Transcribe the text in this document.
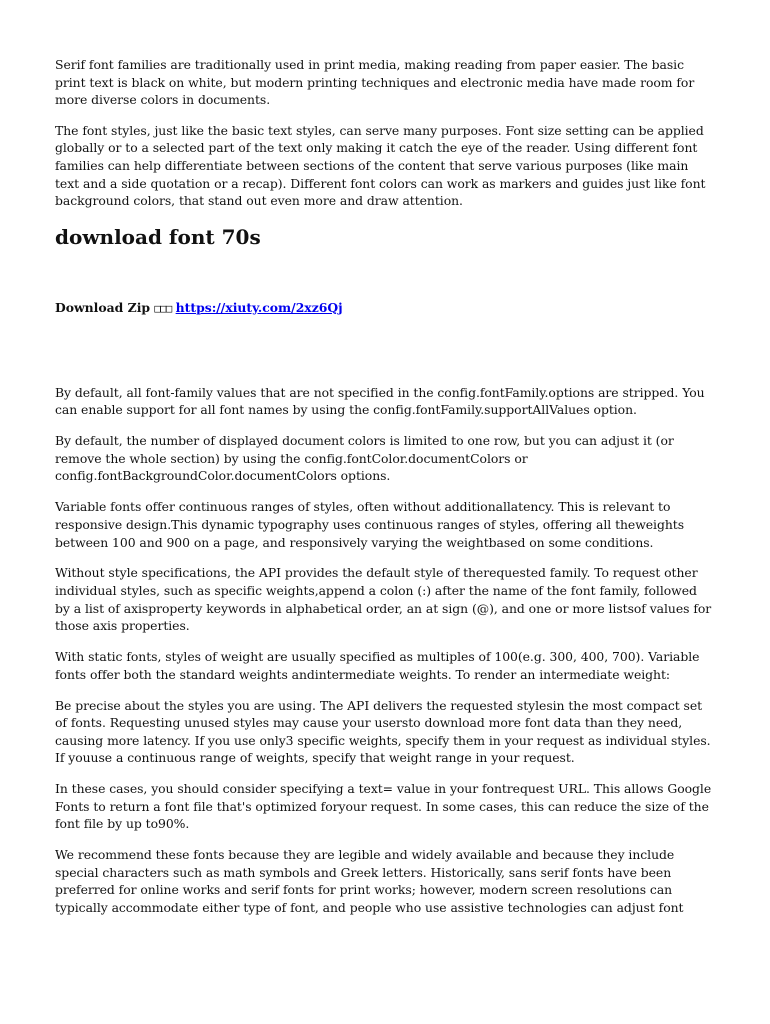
Serif font families are traditionally used in print media, making reading from paper easier. The basic print text is black on white, but modern printing techniques and electronic media have made room for more diverse colors in documents.

The font styles, just like the basic text styles, can serve many purposes. Font size setting can be applied globally or to a selected part of the text only making it catch the eye of the reader. Using different font families can help differentiate between sections of the content that serve various purposes (like main text and a side quotation or a recap). Different font colors can work as markers and guides just like font background colors, that stand out even more and draw attention.

download font 70s
Download Zip □□□ https://xiuty.com/2xz6Qj

By default, all font-family values that are not specified in the config.fontFamily.options are stripped. You can enable support for all font names by using the config.fontFamily.supportAllValues option.

By default, the number of displayed document colors is limited to one row, but you can adjust it (or remove the whole section) by using the config.fontColor.documentColors or config.fontBackgroundColor.documentColors options.

Variable fonts offer continuous ranges of styles, often without additionallatency. This is relevant to responsive design.This dynamic typography uses continuous ranges of styles, offering all theweights between 100 and 900 on a page, and responsively varying the weightbased on some conditions.

Without style specifications, the API provides the default style of therequested family. To request other individual styles, such as specific weights,append a colon (:) after the name of the font family, followed by a list of axisproperty keywords in alphabetical order, an at sign (@), and one or more listsof values for those axis properties.

With static fonts, styles of weight are usually specified as multiples of 100(e.g. 300, 400, 700). Variable fonts offer both the standard weights andintermediate weights. To render an intermediate weight:

Be precise about the styles you are using. The API delivers the requested stylesin the most compact set of fonts. Requesting unused styles may cause your usersto download more font data than they need, causing more latency. If you use only3 specific weights, specify them in your request as individual styles. If youuse a continuous range of weights, specify that weight range in your request.

In these cases, you should consider specifying a text= value in your fontrequest URL. This allows Google Fonts to return a font file that's optimized foryour request. In some cases, this can reduce the size of the font file by up to90%.

We recommend these fonts because they are legible and widely available and because they include special characters such as math symbols and Greek letters. Historically, sans serif fonts have been preferred for online works and serif fonts for print works; however, modern screen resolutions can typically accommodate either type of font, and people who use assistive technologies can adjust font
